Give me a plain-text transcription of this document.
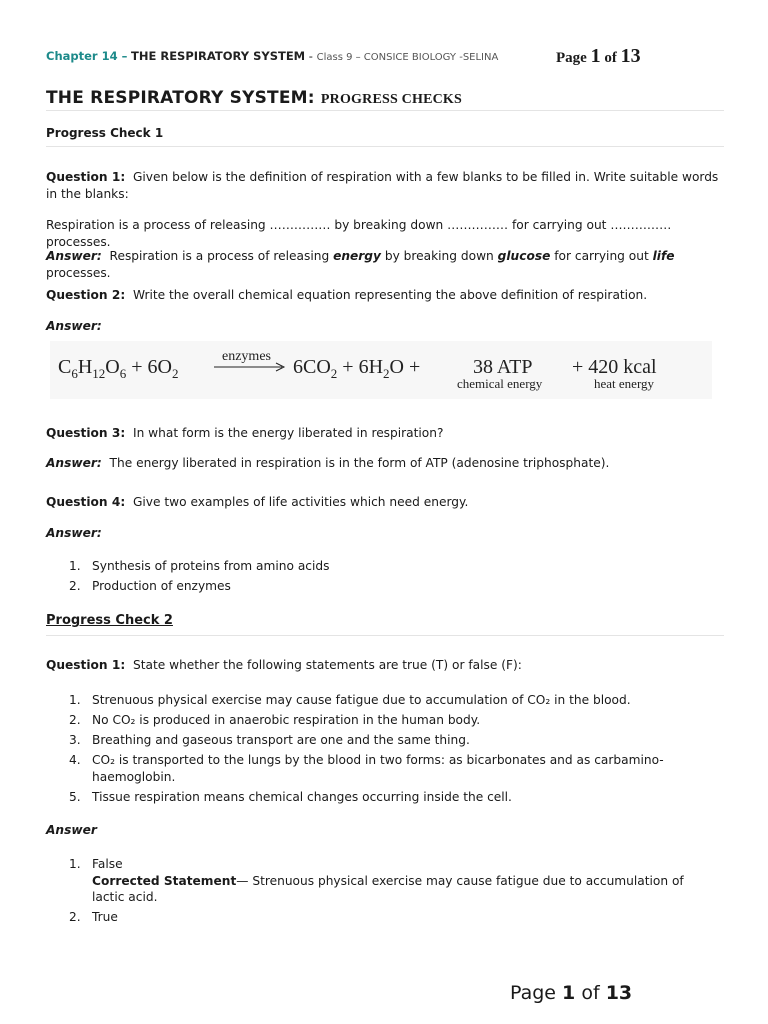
Chapter 14 – THE RESPIRATORY SYSTEM - Class 9 – CONSICE BIOLOGY -SELINA	Page 1 of 13
THE RESPIRATORY SYSTEM: PROGRESS CHECKS
Progress Check 1
Question 1: Given below is the definition of respiration with a few blanks to be filled in. Write suitable words in the blanks:
Respiration is a process of releasing …………… by breaking down …………… for carrying out …………… processes.
Answer: Respiration is a process of releasing energy by breaking down glucose for carrying out life processes.
Question 2: Write the overall chemical equation representing the above definition of respiration.
Answer:
$C_6H_{12}O_6 + 6O_2$
enzymes $6CO_2 + 6H_2O$ +	38 ATP
chemical energy
+ 420 kcal
heat energy
Question 3: In what form is the energy liberated in respiration?
Answer: The energy liberated in respiration is in the form of ATP (adenosine triphosphate).
Question 4: Give two examples of life activities which need energy.
Answer:
1. Synthesis of proteins from amino acids
2. Production of enzymes
Progress Check 2
Question 1: State whether the following statements are true (T) or false (F):
1. Strenuous physical exercise may cause fatigue due to accumulation of CO₂ in the blood.
2. No CO₂ is produced in anaerobic respiration in the human body.
3. Breathing and gaseous transport are one and the same thing.
4. CO₂ is transported to the lungs by the blood in two forms: as bicarbonates and as carbamino-haemoglobin.
5. Tissue respiration means chemical changes occurring inside the cell.
Answer
1. False
Corrected Statement— Strenuous physical exercise may cause fatigue due to accumulation of lactic acid.
2. True
Page 1 of 13
